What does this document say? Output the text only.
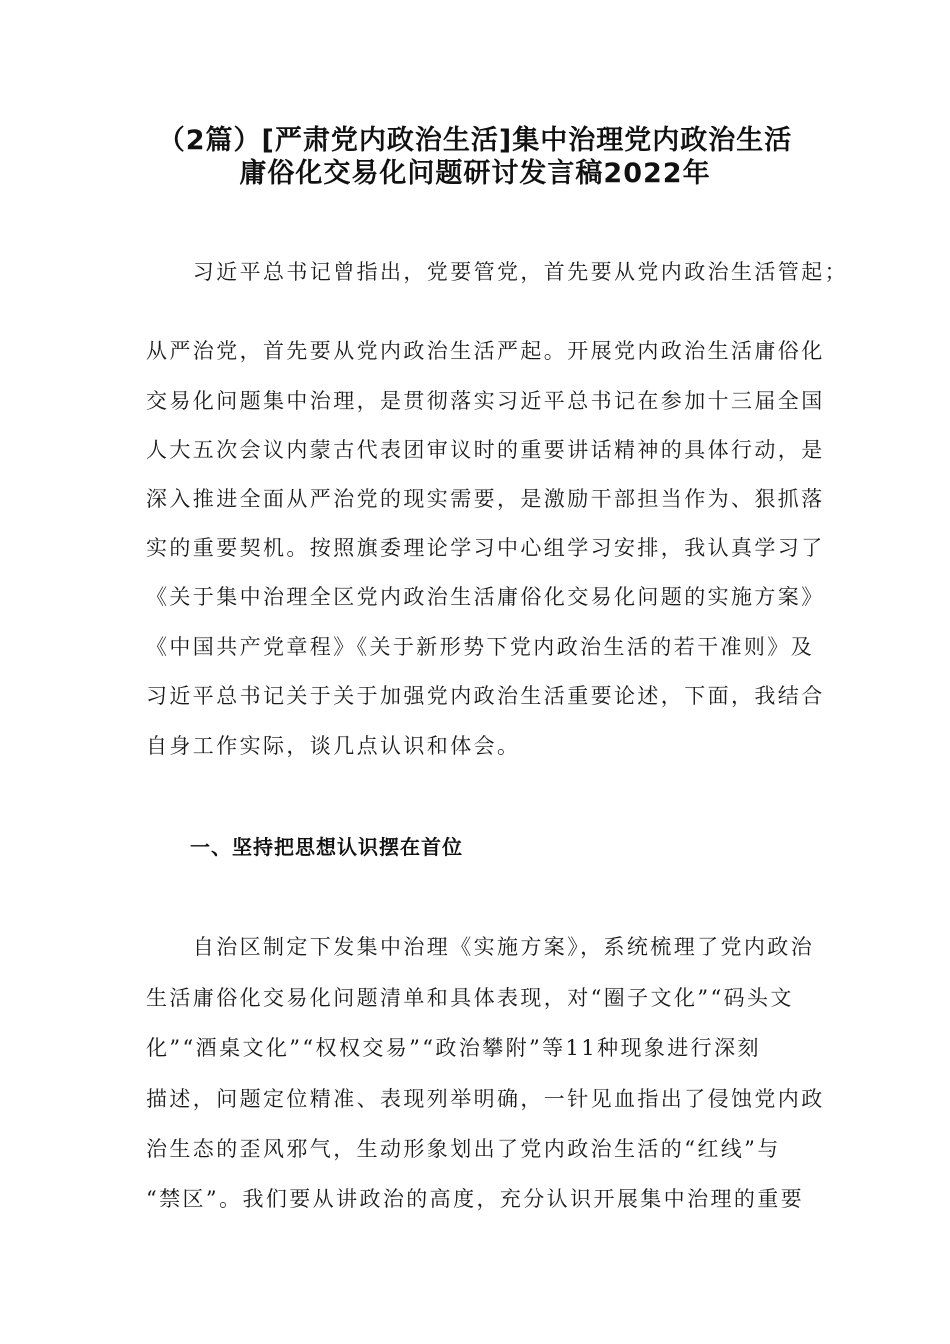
（2篇）[严肃党内政治生活]集中治理党内政治生活
庸俗化交易化问题研讨发言稿2022年
　　习近平总书记曾指出，党要管党，首先要从党内政治生活管起；
从严治党，首先要从党内政治生活严起。开展党内政治生活庸俗化
交易化问题集中治理，是贯彻落实习近平总书记在参加十三届全国
人大五次会议内蒙古代表团审议时的重要讲话精神的具体行动，是
深入推进全面从严治党的现实需要，是激励干部担当作为、狠抓落
实的重要契机。按照旗委理论学习中心组学习安排，我认真学习了
《关于集中治理全区党内政治生活庸俗化交易化问题的实施方案》
《中国共产党章程》《关于新形势下党内政治生活的若干准则》及
习近平总书记关于关于加强党内政治生活重要论述，下面，我结合
自身工作实际，谈几点认识和体会。
一、坚持把思想认识摆在首位
　　自治区制定下发集中治理《实施方案》，系统梳理了党内政治
生活庸俗化交易化问题清单和具体表现，对“圈子文化”“码头文
化”“酒桌文化”“权权交易”“政治攀附”等11种现象进行深刻
描述，问题定位精准、表现列举明确，一针见血指出了侵蚀党内政
治生态的歪风邪气，生动形象划出了党内政治生活的“红线”与
“禁区”。我们要从讲政治的高度，充分认识开展集中治理的重要
